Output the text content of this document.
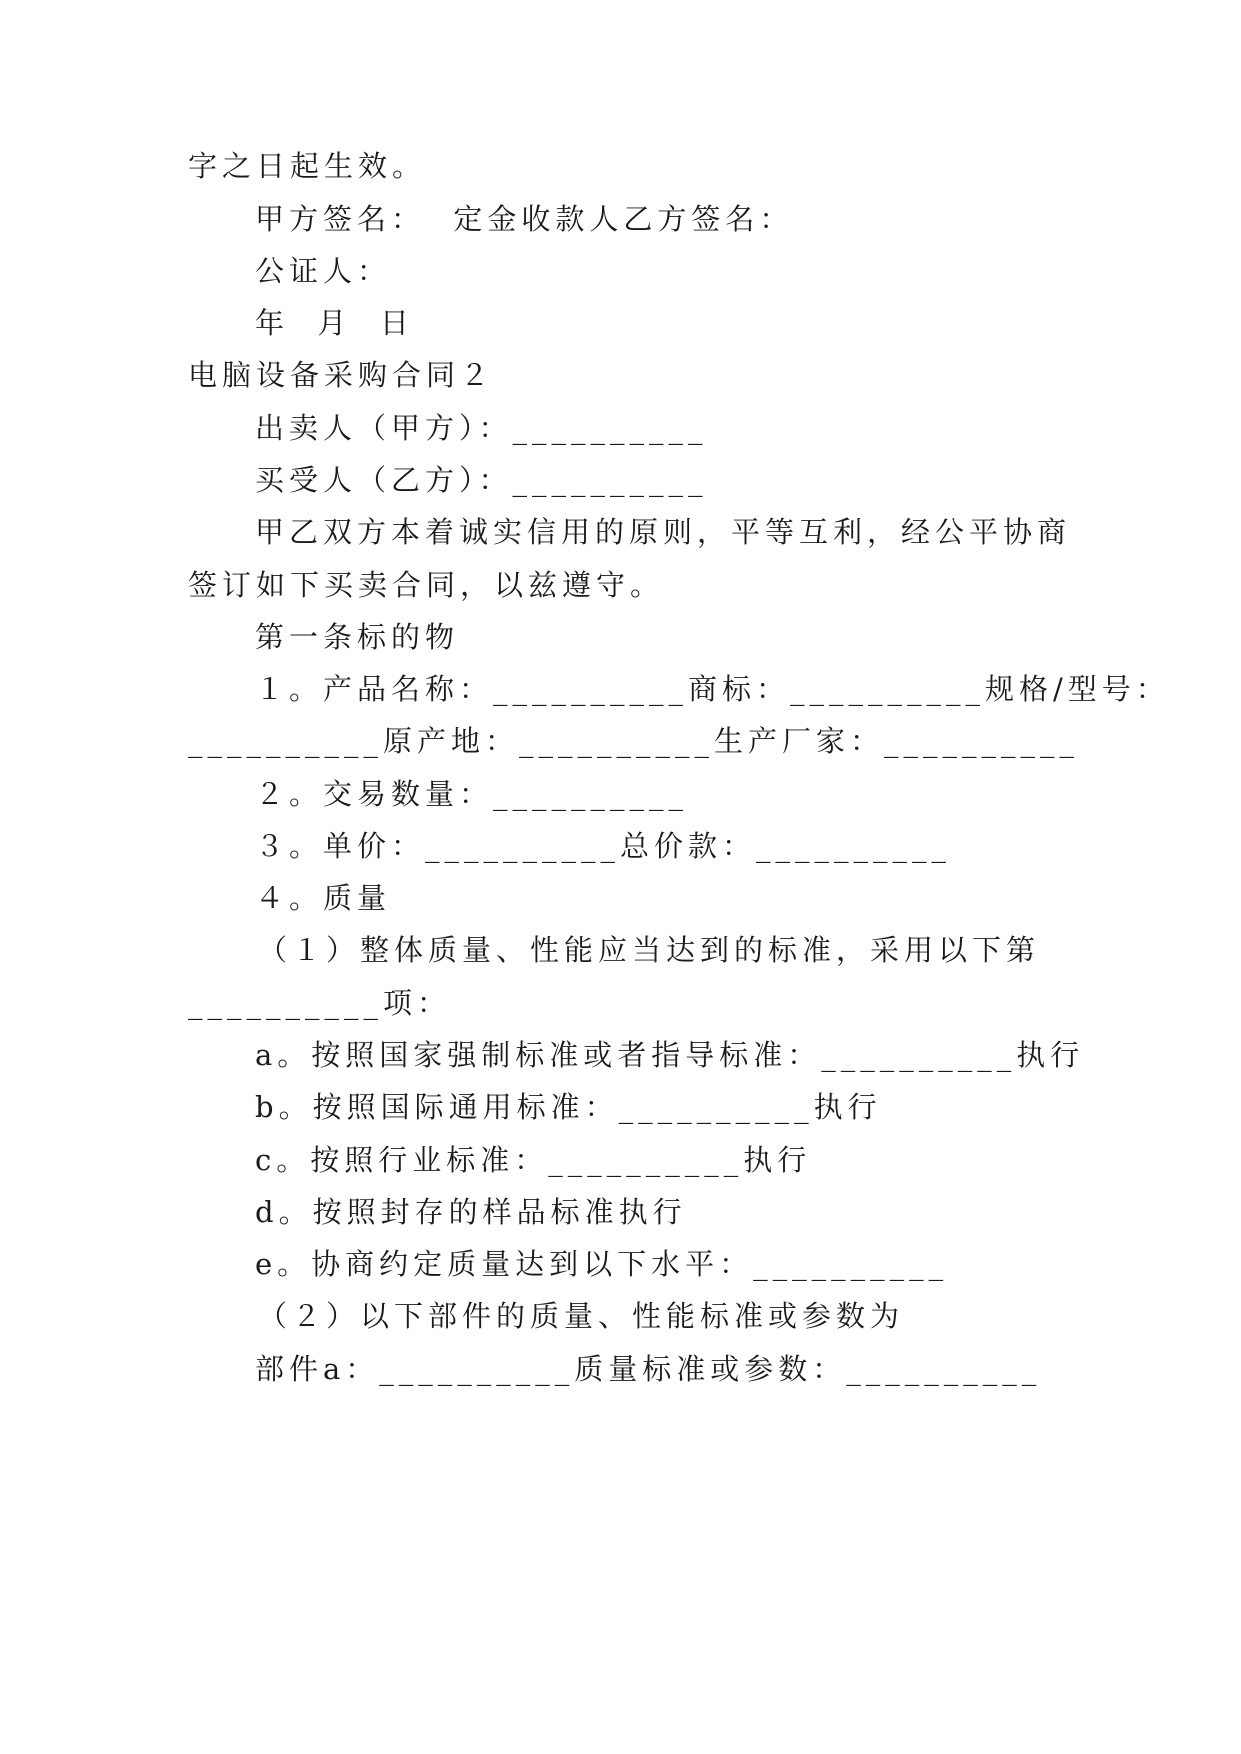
字之日起生效。
甲方签名：  定金收款人乙方签名：
公证人：
年  月  日
电脑设备采购合同２
出卖人（甲方）：__________
买受人（乙方）：__________
甲乙双方本着诚实信用的原则，平等互利，经公平协商
签订如下买卖合同，以兹遵守。
第一条标的物
１。产品名称：__________商标：__________规格/型号：
__________原产地：__________生产厂家：__________
２。交易数量：__________
３。单价：__________总价款：__________
４。质量
（１）整体质量、性能应当达到的标准，采用以下第
__________项：
a。按照国家强制标准或者指导标准：__________执行
b。按照国际通用标准：__________执行
c。按照行业标准：__________执行
d。按照封存的样品标准执行
e。协商约定质量达到以下水平：__________
（２）以下部件的质量、性能标准或参数为
部件a：__________质量标准或参数：__________
